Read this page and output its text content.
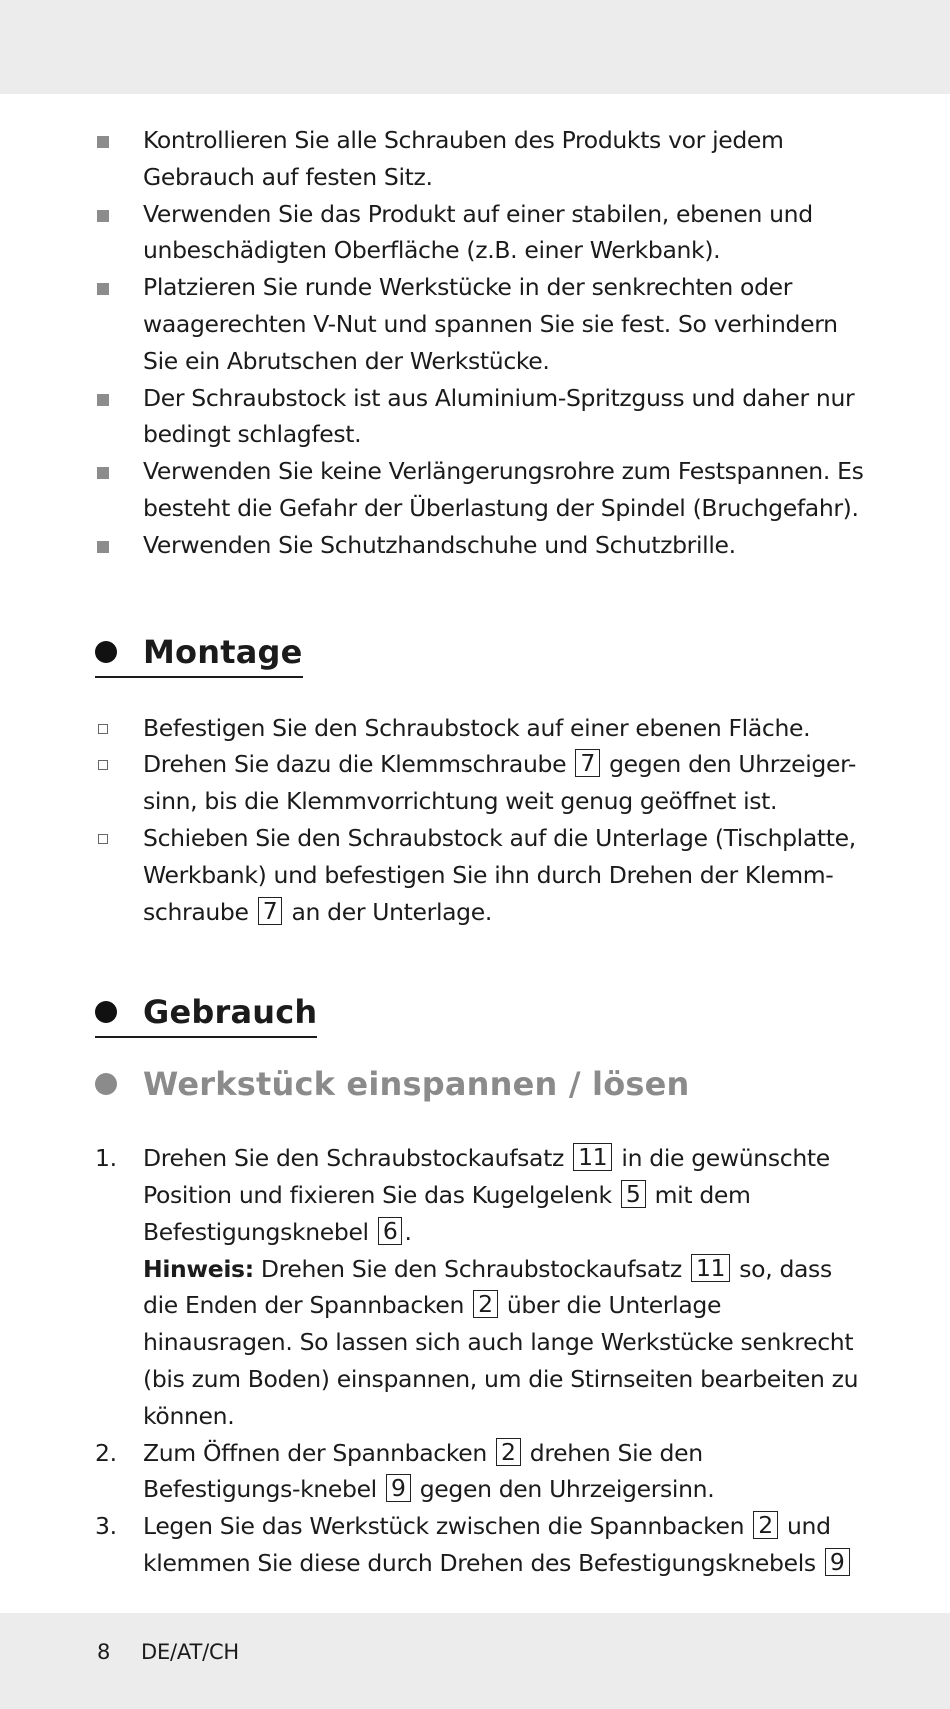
Kontrollieren Sie alle Schrauben des Produkts vor jedem Gebrauch auf festen Sitz.
Verwenden Sie das Produkt auf einer stabilen, ebenen und unbeschädigten Oberfläche (z.B. einer Werkbank).
Platzieren Sie runde Werkstücke in der senkrechten oder waagerechten V-Nut und spannen Sie sie fest. So verhindern Sie ein Abrutschen der Werkstücke.
Der Schraubstock ist aus Aluminium-Spritzguss und daher nur bedingt schlagfest.
Verwenden Sie keine Verlängerungsrohre zum Festspannen. Es besteht die Gefahr der Überlastung der Spindel (Bruchgefahr).
Verwenden Sie Schutzhandschuhe und Schutzbrille.
Montage
Befestigen Sie den Schraubstock auf einer ebenen Fläche.
Drehen Sie dazu die Klemmschraube 7 gegen den Uhrzeiger-sinn, bis die Klemmvorrichtung weit genug geöffnet ist.
Schieben Sie den Schraubstock auf die Unterlage (Tischplatte, Werkbank) und befestigen Sie ihn durch Drehen der Klemm-schraube 7 an der Unterlage.
Gebrauch
Werkstück einspannen / lösen
1. Drehen Sie den Schraubstockaufsatz 11 in die gewünschte Position und fixieren Sie das Kugelgelenk 5 mit dem Befestigungsknebel 6 .
Hinweis: Drehen Sie den Schraubstockaufsatz 11 so, dass die Enden der Spannbacken 2 über die Unterlage hinausragen. So lassen sich auch lange Werkstücke senkrecht (bis zum Boden) einspannen, um die Stirnseiten bearbeiten zu können.
2. Zum Öffnen der Spannbacken 2 drehen Sie den Befestigungs-knebel 9 gegen den Uhrzeigersinn.
3. Legen Sie das Werkstück zwischen die Spannbacken 2 und klemmen Sie diese durch Drehen des Befestigungsknebels 9
8 DE/AT/CH
